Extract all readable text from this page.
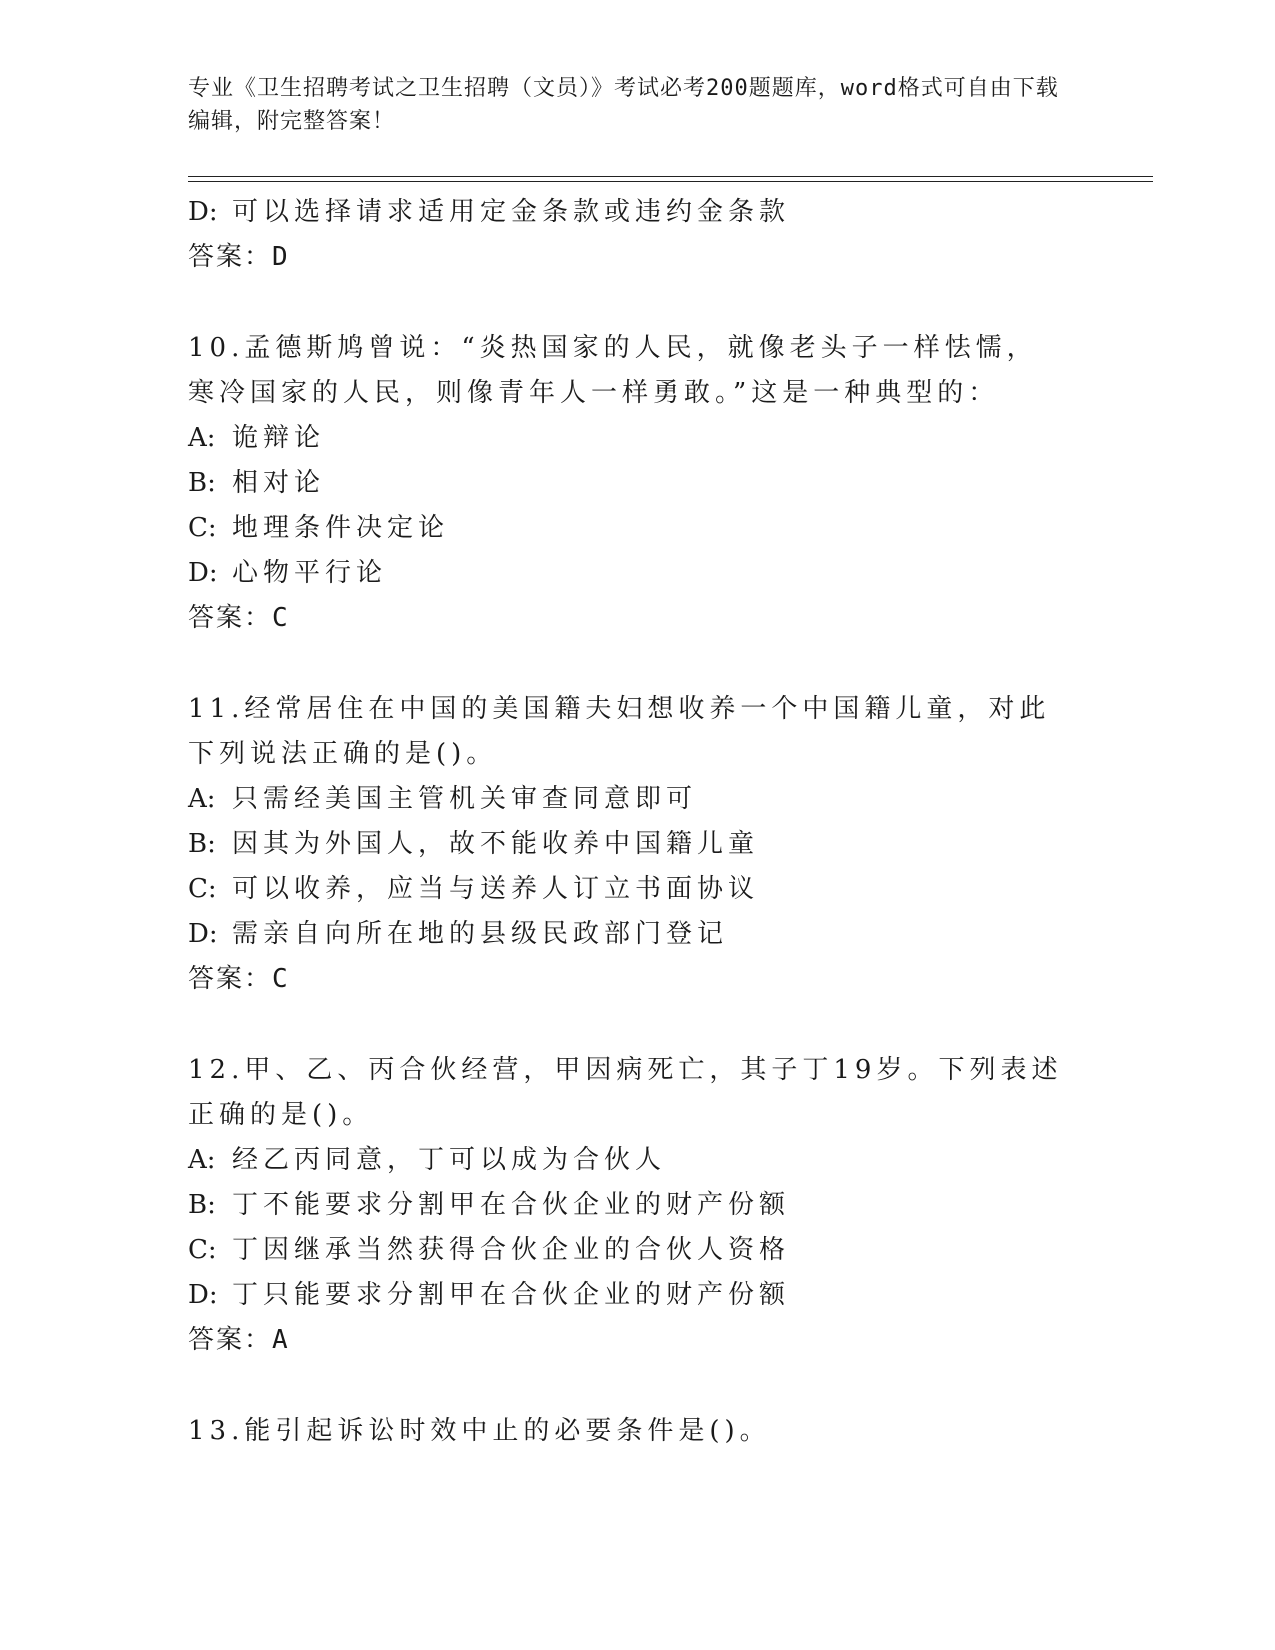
专业《卫生招聘考试之卫生招聘（文员）》考试必考200题题库，word格式可自由下载编辑，附完整答案！
D: 可以选择请求适用定金条款或违约金条款
答案：D
10.孟德斯鸠曾说：“炎热国家的人民，就像老头子一样怯懦，寒冷国家的人民，则像青年人一样勇敢。”这是一种典型的：
A: 诡辩论
B: 相对论
C: 地理条件决定论
D: 心物平行论
答案：C
11.经常居住在中国的美国籍夫妇想收养一个中国籍儿童，对此下列说法正确的是()。
A: 只需经美国主管机关审查同意即可
B: 因其为外国人，故不能收养中国籍儿童
C: 可以收养，应当与送养人订立书面协议
D: 需亲自向所在地的县级民政部门登记
答案：C
12.甲、乙、丙合伙经营，甲因病死亡，其子丁19岁。下列表述正确的是()。
A: 经乙丙同意，丁可以成为合伙人
B: 丁不能要求分割甲在合伙企业的财产份额
C: 丁因继承当然获得合伙企业的合伙人资格
D: 丁只能要求分割甲在合伙企业的财产份额
答案：A
13.能引起诉讼时效中止的必要条件是()。
